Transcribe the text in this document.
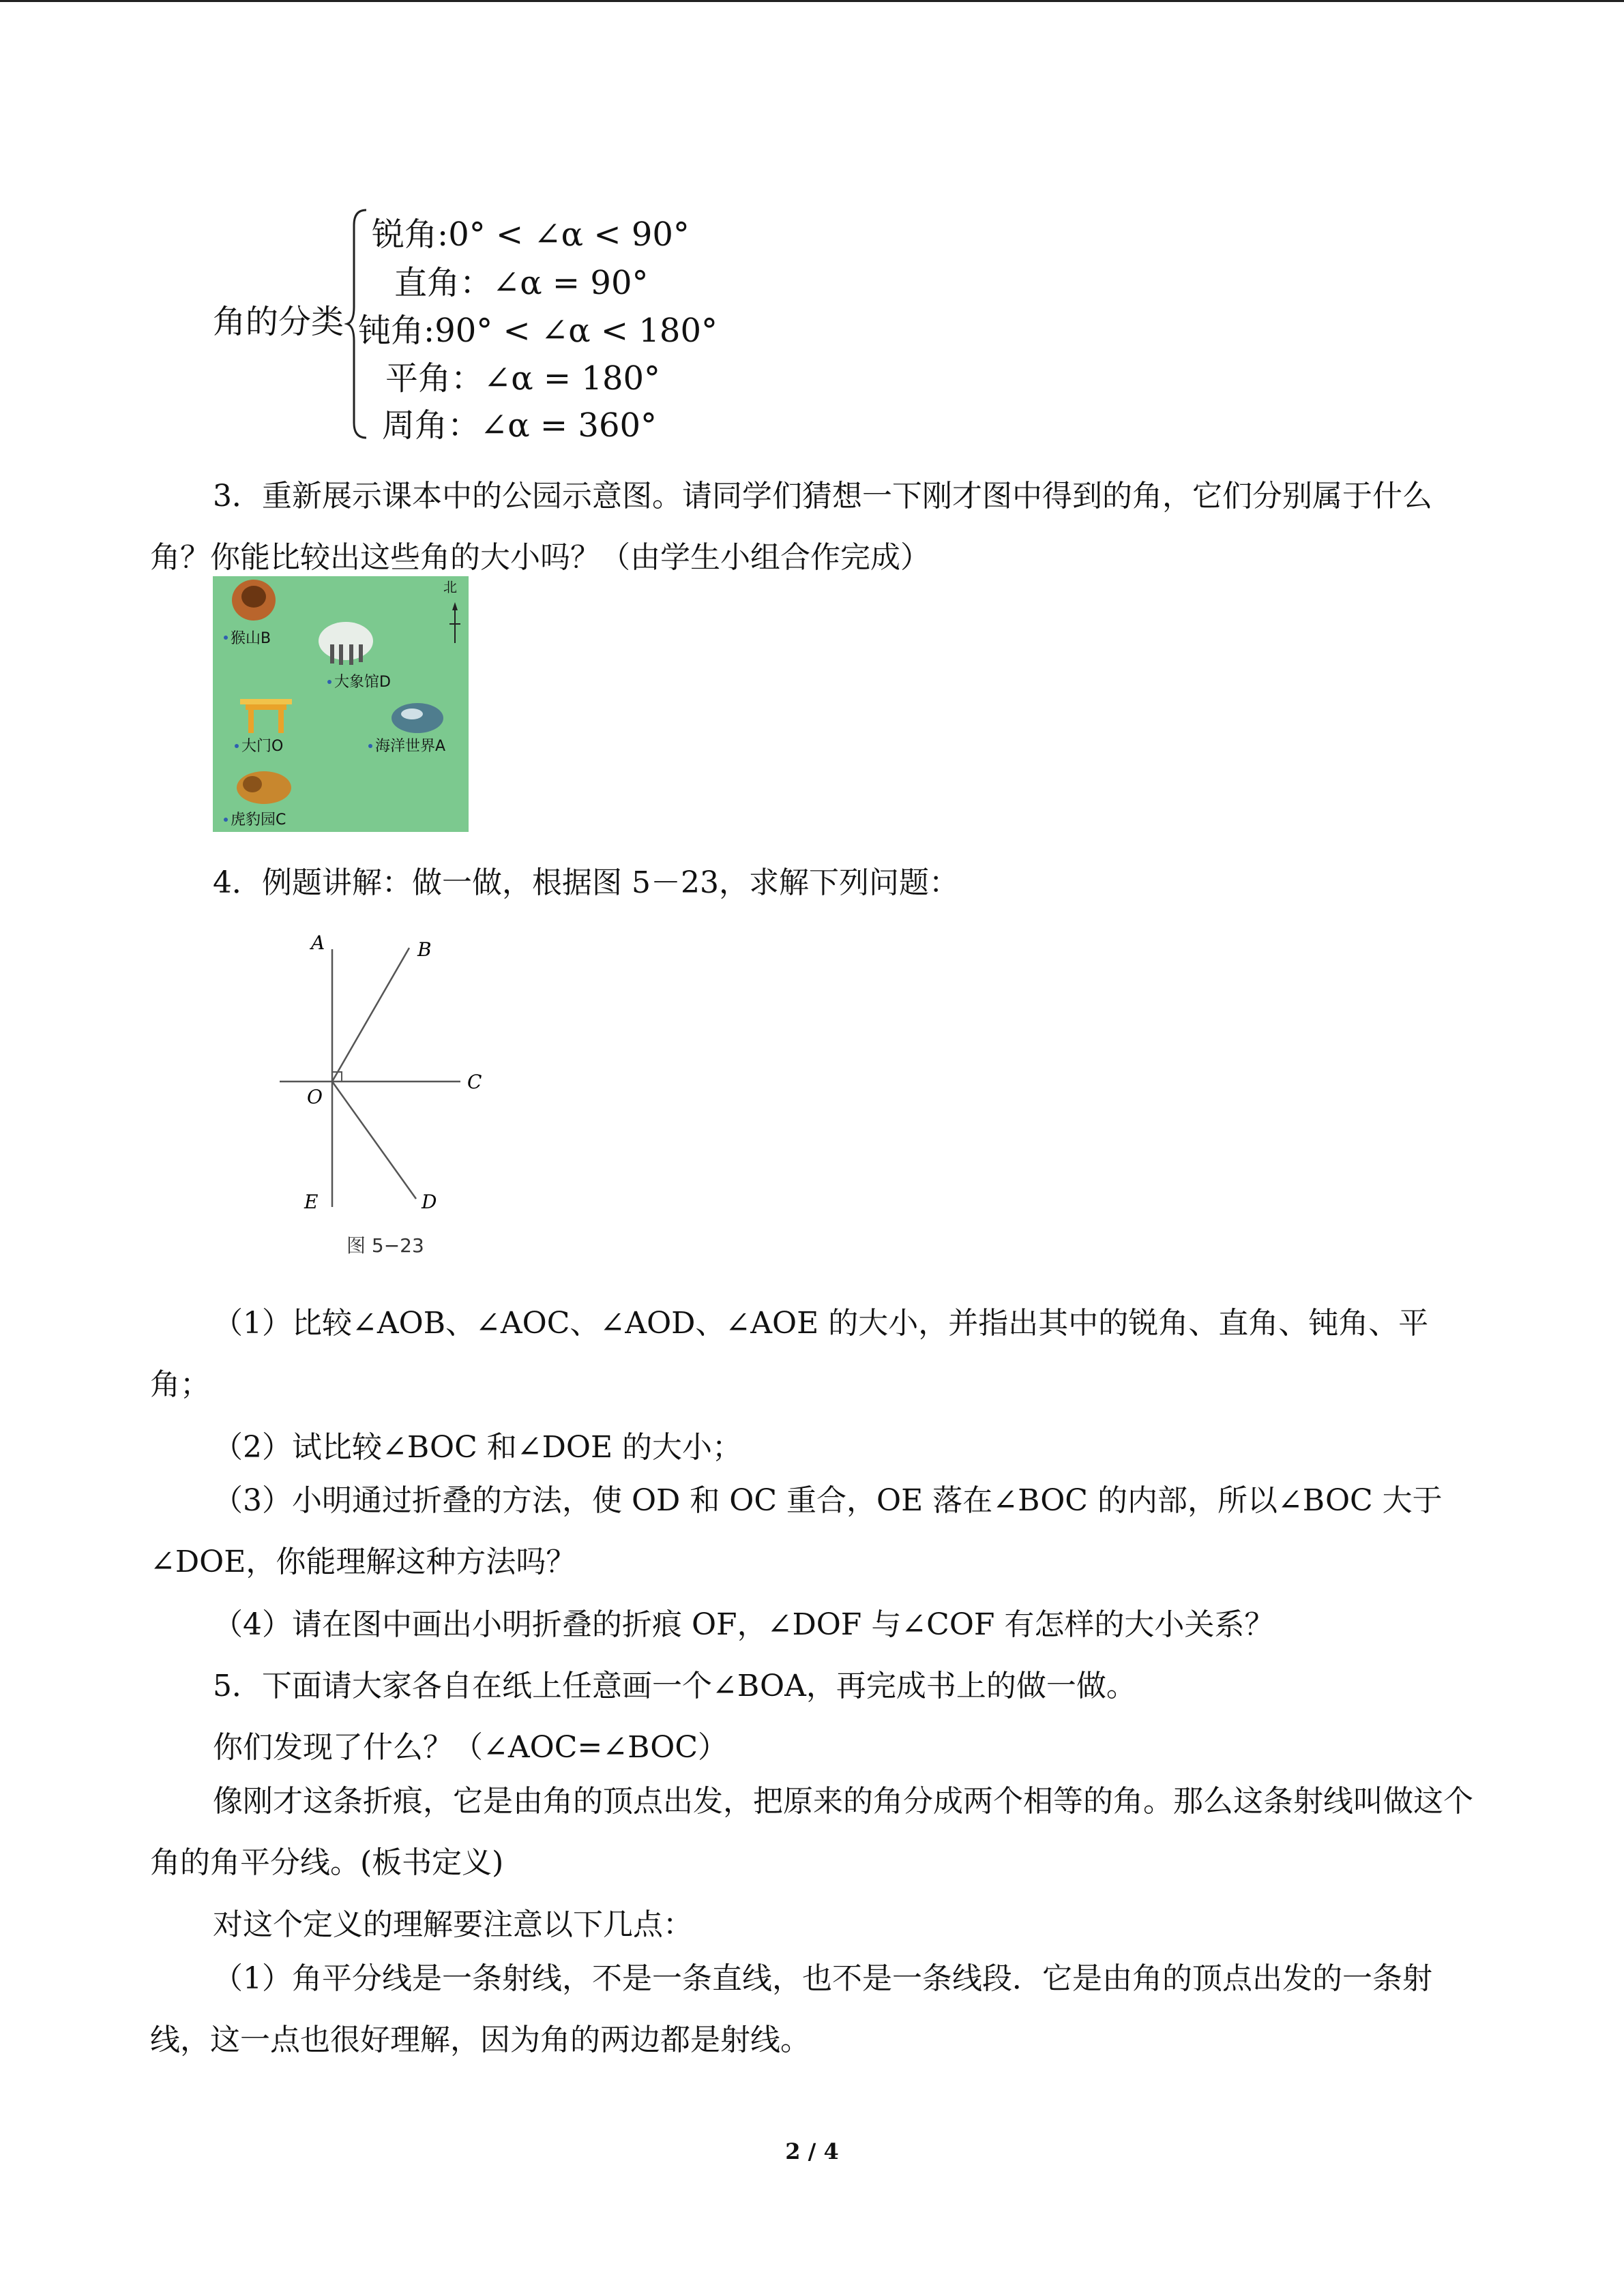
角的分类
锐角:0° < ∠α < 90°
直角：∠α = 90°
钝角:90° < ∠α < 180°
平角：∠α = 180°
周角：∠α = 360°

3．重新展示课本中的公园示意图。请同学们猜想一下刚才图中得到的角，它们分别属于什么角？你能比较出这些角的大小吗？（由学生小组合作完成）

北
猴山B
大象馆D
大门O	海洋世界A
虎豹园C
4．例题讲解：做一做，根据图 5－23，求解下列问题：
A	B
C
O
E	D
图 5−23

（1）比较∠AOB、∠AOC、∠AOD、∠AOE 的大小，并指出其中的锐角、直角、钝角、平角；

（2）试比较∠BOC 和∠DOE 的大小；

（3）小明通过折叠的方法，使 OD 和 OC 重合，OE 落在∠BOC 的内部，所以∠BOC 大于∠DOE，你能理解这种方法吗？

（4）请在图中画出小明折叠的折痕 OF，∠DOF 与∠COF 有怎样的大小关系？
5．下面请大家各自在纸上任意画一个∠BOA，再完成书上的做一做。
你们发现了什么？（∠AOC=∠BOC）

像刚才这条折痕，它是由角的顶点出发，把原来的角分成两个相等的角。那么这条射线叫做这个角的角平分线。(板书定义)

对这个定义的理解要注意以下几点：

（1）角平分线是一条射线，不是一条直线，也不是一条线段．它是由角的顶点出发的一条射线，这一点也很好理解，因为角的两边都是射线。

2 / 4
